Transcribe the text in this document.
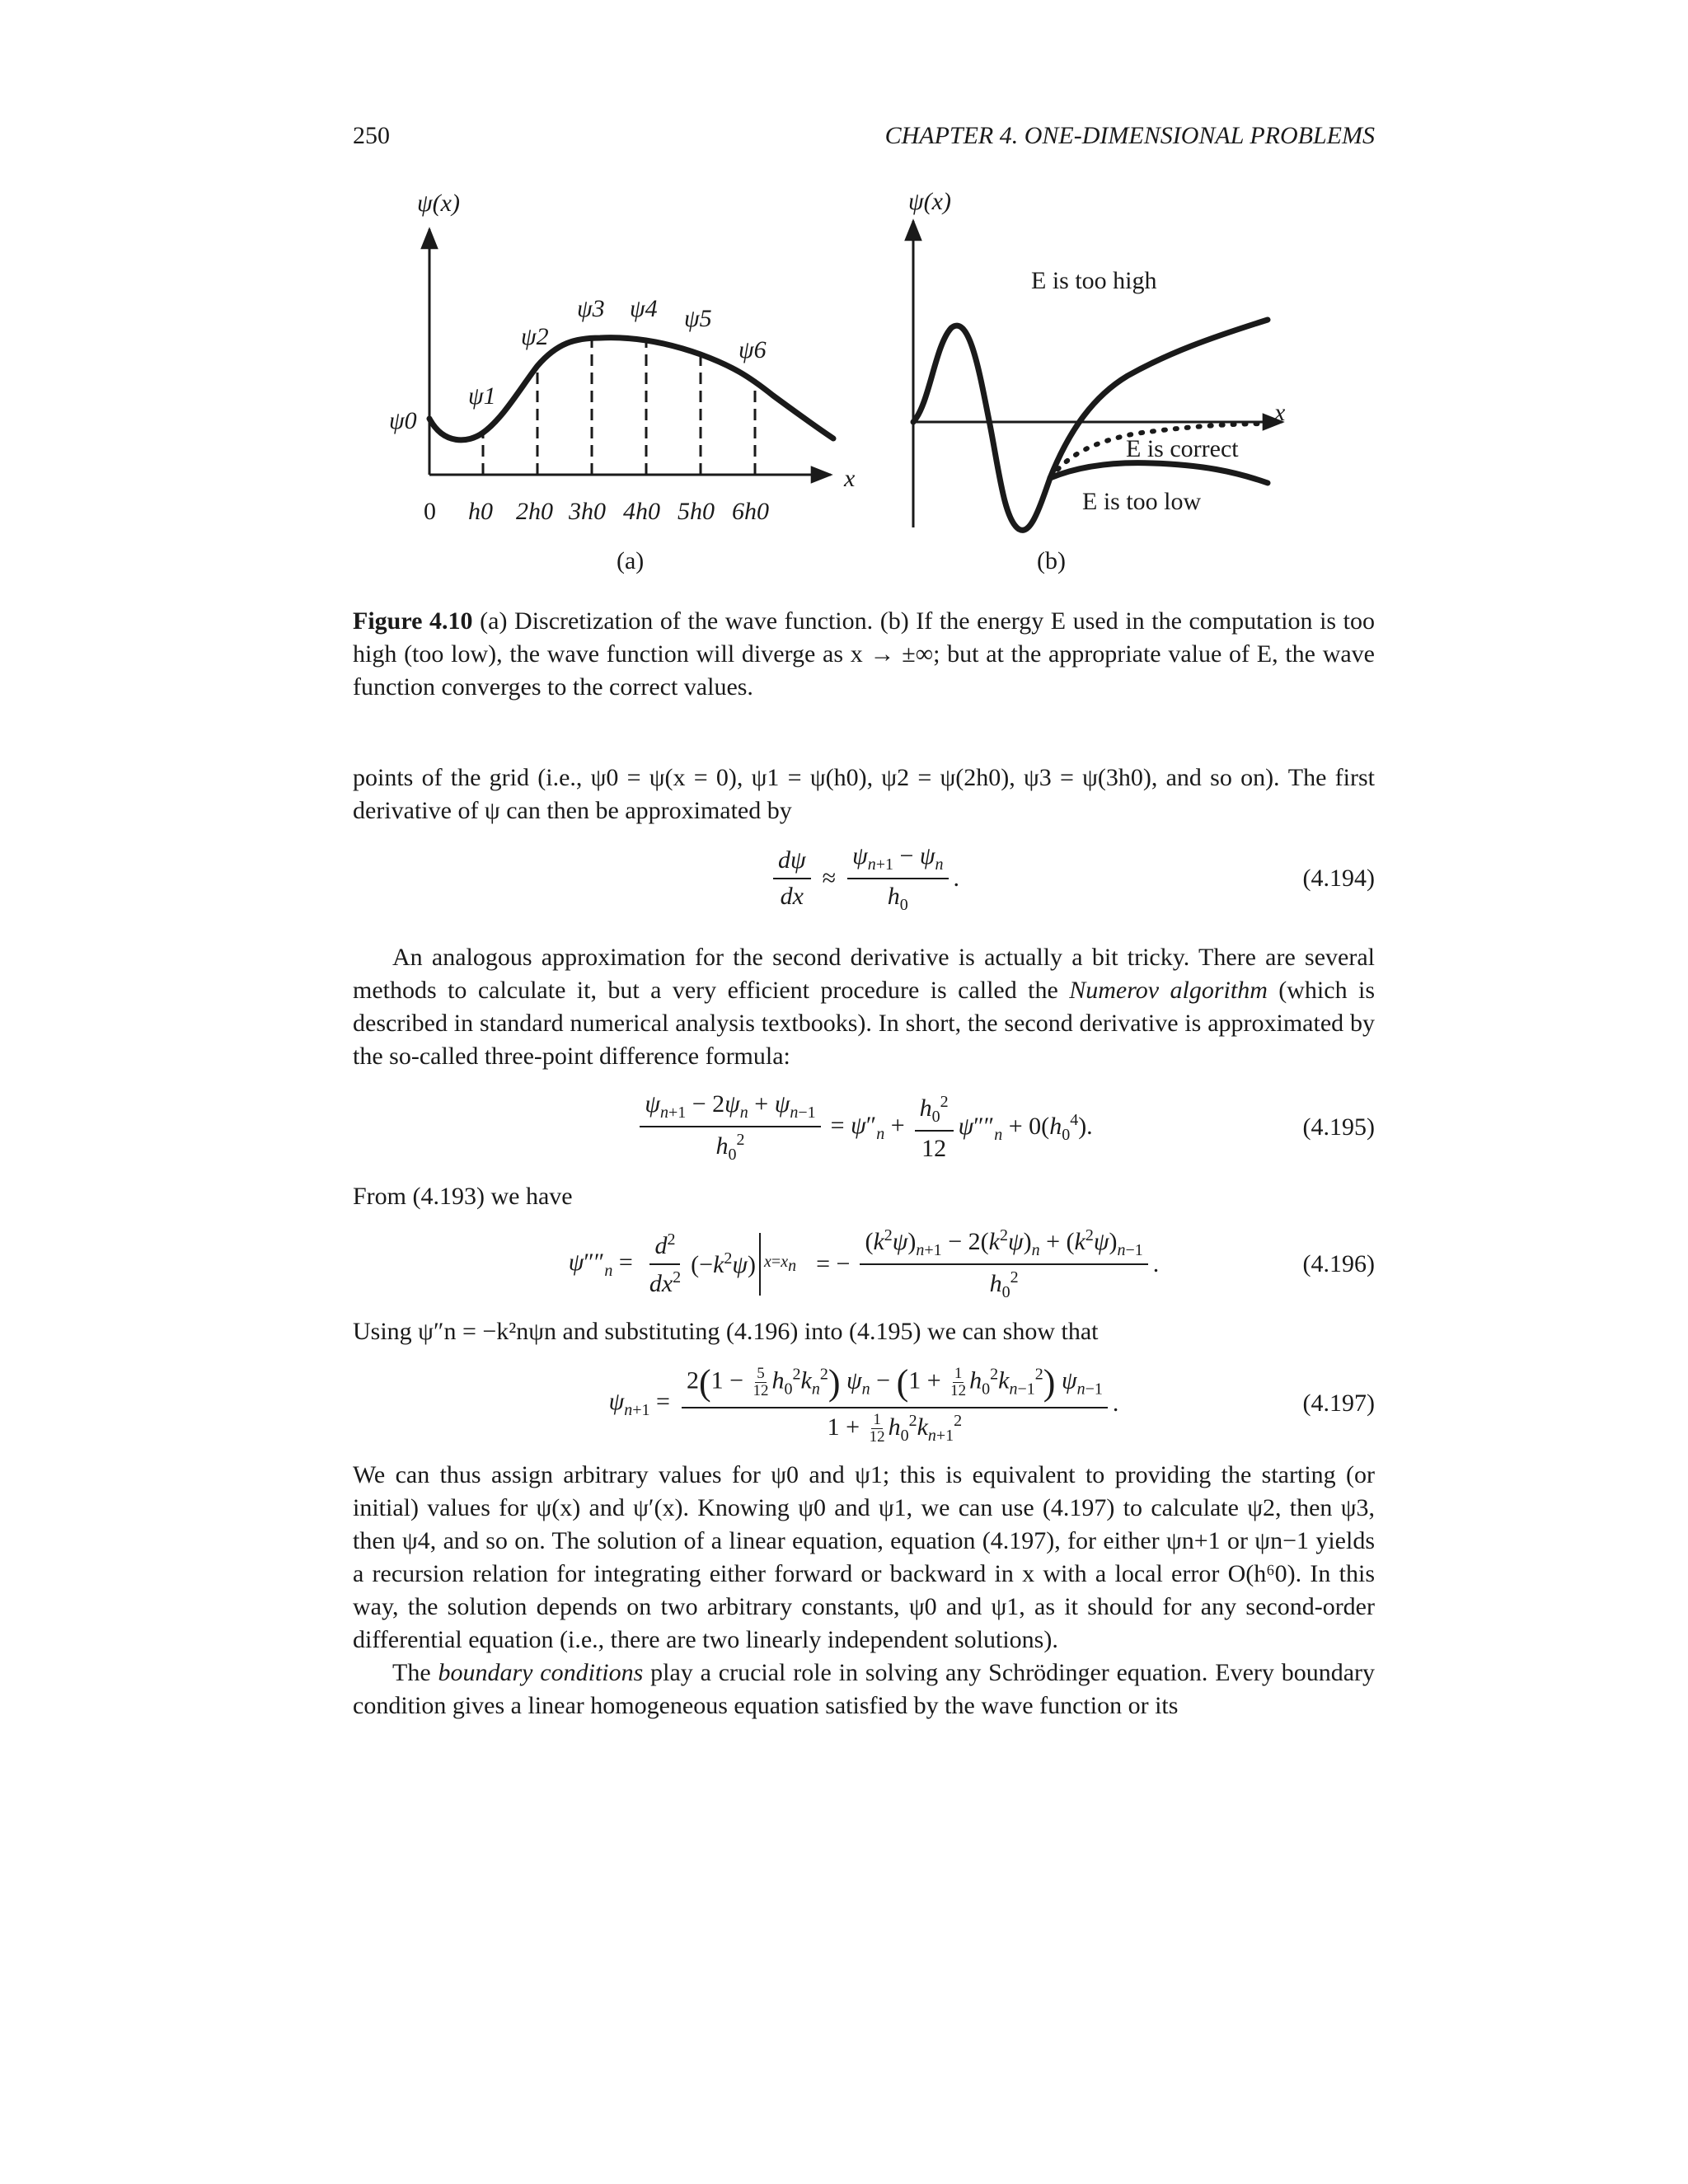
250	CHAPTER 4. ONE-DIMENSIONAL PROBLEMS
ψ(x)
x
ψ0
ψ1
ψ2
ψ3 ψ4 ψ5
ψ6
0 h0 2h0 3h0 4h0 5h0 6h0
(a)
ψ(x)
x
E is too high
E is correct
E is too low
(b)
Figure 4.10 (a) Discretization of the wave function. (b) If the energy E used in the computation is too high (too low), the wave function will diverge as x → ±∞; but at the appropriate value of E, the wave function converges to the correct values.

points of the grid (i.e., ψ0 = ψ(x = 0), ψ1 = ψ(h0), ψ2 = ψ(2h0), ψ3 = ψ(3h0), and so on). The first derivative of ψ can then be approximated by

$\frac{d\psi}{dx} \approx \frac{\psi_{n+1} - \psi_n}{h_0}$ .	(4.194)

An analogous approximation for the second derivative is actually a bit tricky. There are several methods to calculate it, but a very efficient procedure is called the Numerov algorithm (which is described in standard numerical analysis textbooks). In short, the second derivative is approximated by the so-called three-point difference formula:

$\frac{\psi_{n+1} - 2\psi_n + \psi_{n-1}}{h_0^2} = \psi''_n + \frac{h_0^2}{12} \psi''''_n + 0(h_0^4)$.	(4.195)

From (4.193) we have

$\psi''''_n = \frac{d^2}{dx^2} (-k^2\psi) x=x_n$ = − $\frac{(k^2\psi)_{n+1} - 2(k^2\psi)_n + (k^2\psi)_{n-1}}{h_0^2}$ .	(4.196)

Using ψ″n = −k²nψn and substituting (4.196) into (4.195) we can show that

$\psi_{n+1} = \frac{2(1 - \frac{5}{12} h_0^2k_n^2) \psi_n - (1 + \frac{1}{12} h_0^2k_{n-1}^2) \psi_{n-1}}{1 + \frac{1}{12} h_0^2k_{n+1}^2}$ .	(4.197)

We can thus assign arbitrary values for ψ0 and ψ1; this is equivalent to providing the starting (or initial) values for ψ(x) and ψ′(x). Knowing ψ0 and ψ1, we can use (4.197) to calculate ψ2, then ψ3, then ψ4, and so on. The solution of a linear equation, equation (4.197), for either ψn+1 or ψn−1 yields a recursion relation for integrating either forward or backward in x with a local error O(h⁶0). In this way, the solution depends on two arbitrary constants, ψ0 and ψ1, as it should for any second-order differential equation (i.e., there are two linearly independent solutions).

The boundary conditions play a crucial role in solving any Schrödinger equation. Every boundary condition gives a linear homogeneous equation satisfied by the wave function or its
